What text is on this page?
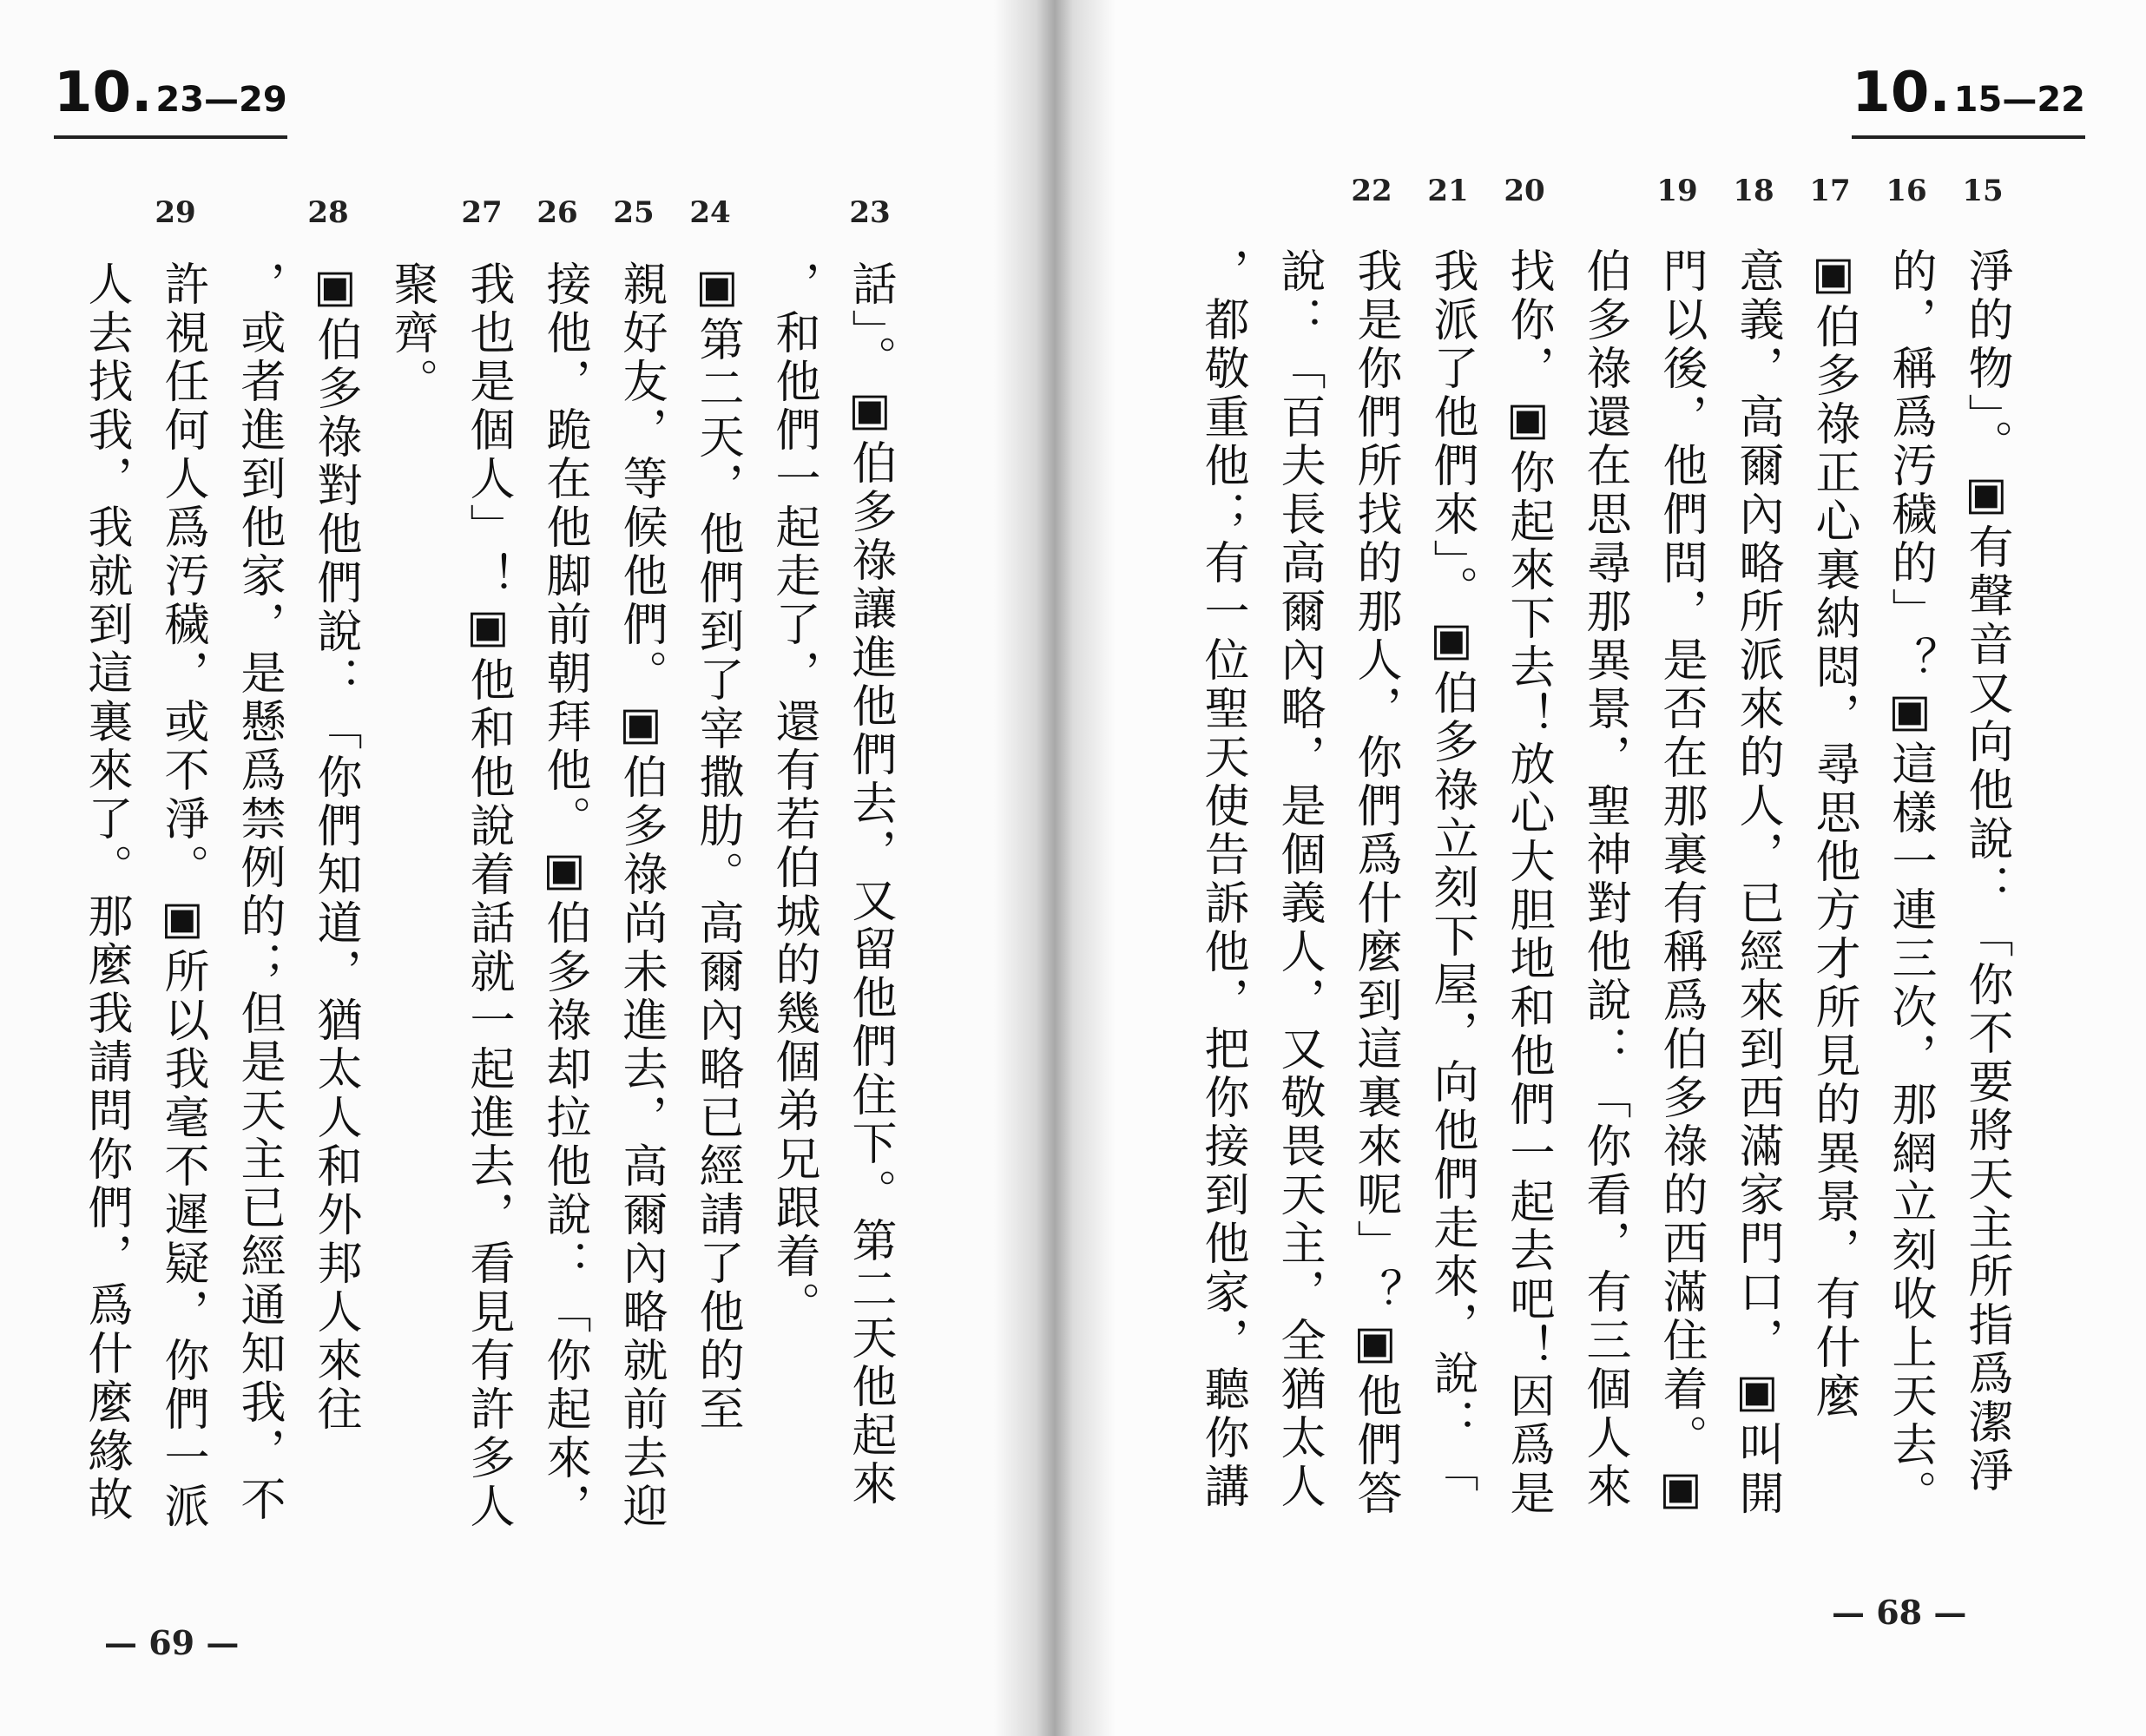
10. 23—29
29	28	27	26	25	24	23
話」。▣伯多祿讓進他們去，又留他們住下。第二天他起來
，和他們一起走了，還有若伯城的幾個弟兄跟着。
▣第二天，他們到了宰撒肋。高爾內略已經請了他的至
親好友，等候他們。▣伯多祿尚未進去，高爾內略就前去迎
接他，跪在他脚前朝拜他。▣伯多祿却拉他說：「你起來，
我也是個人」！▣他和他說着話就一起進去，看見有許多人
聚齊。
▣伯多祿對他們說：「你們知道，猶太人和外邦人來往
，或者進到他家，是懸爲禁例的；但是天主已經通知我，不
許視任何人爲汚穢，或不淨。▣所以我毫不遲疑，你們一派
人去找我，我就到這裏來了。那麼我請問你們，爲什麼緣故
— 69 —
10. 15—22
22	21	20	19	18	17	16	15
淨的物」。▣有聲音又向他說：「你不要將天主所指爲潔淨
的，稱爲汚穢的」？▣這樣一連三次，那網立刻收上天去。
▣伯多祿正心裏納悶，尋思他方才所見的異景，有什麼
意義，高爾內略所派來的人，已經來到西滿家門口，▣叫開
門以後，他們問，是否在那裏有稱爲伯多祿的西滿住着。▣
伯多祿還在思尋那異景，聖神對他說：「你看，有三個人來
找你，▣你起來下去！放心大胆地和他們一起去吧！因爲是
我派了他們來」。▣伯多祿立刻下屋，向他們走來，說：「
我是你們所找的那人，你們爲什麼到這裏來呢」？▣他們答
說：「百夫長高爾內略，是個義人，又敬畏天主，全猶太人
，都敬重他；有一位聖天使告訴他，把你接到他家，聽你講
— 68 —
